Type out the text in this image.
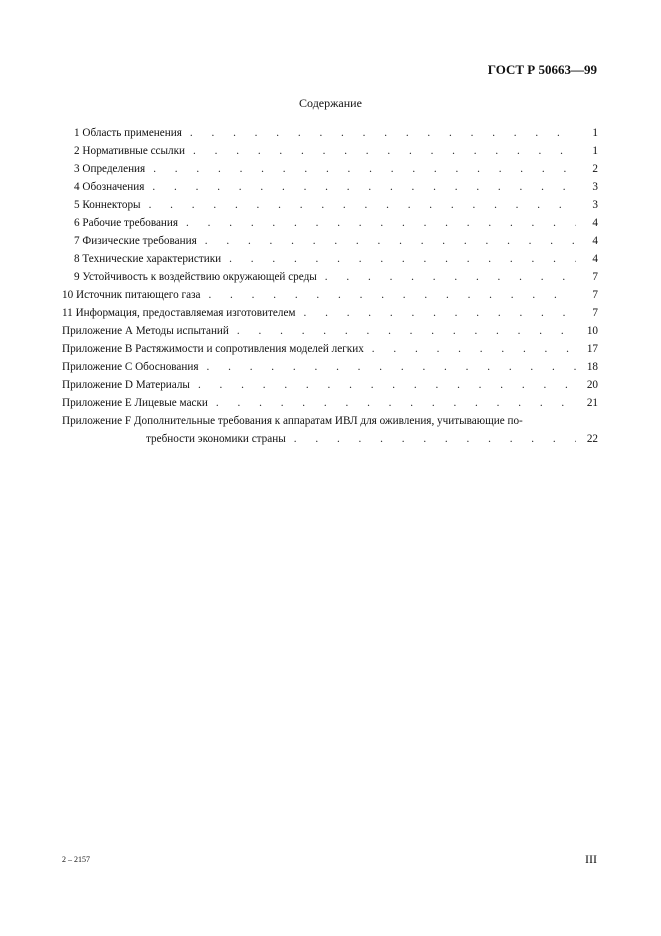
ГОСТ Р 50663—99
Содержание
1 Область применения . . .	1
2 Нормативные ссылки . . .	1
3 Определения . . .	2
4 Обозначения . . .	3
5 Коннекторы . . .	3
6 Рабочие требования . . .	4
7 Физические требования . . .	4
8 Технические характеристики . . .	4
9 Устойчивость к воздействию окружающей среды . . .	7
10 Источник питающего газа . . .	7
11 Информация, предоставляемая изготовителем . . .	7
Приложение А Методы испытаний . . .	10
Приложение В Растяжимости и сопротивления моделей легких . . .	17
Приложение С Обоснования . . .	18
Приложение D Материалы . . .	20
Приложение Е Лицевые маски . . .	21
Приложение F Дополнительные требования к аппаратам ИВЛ для оживления, учитывающие по-
требности экономики страны . . .	22
2 – 2157	III
